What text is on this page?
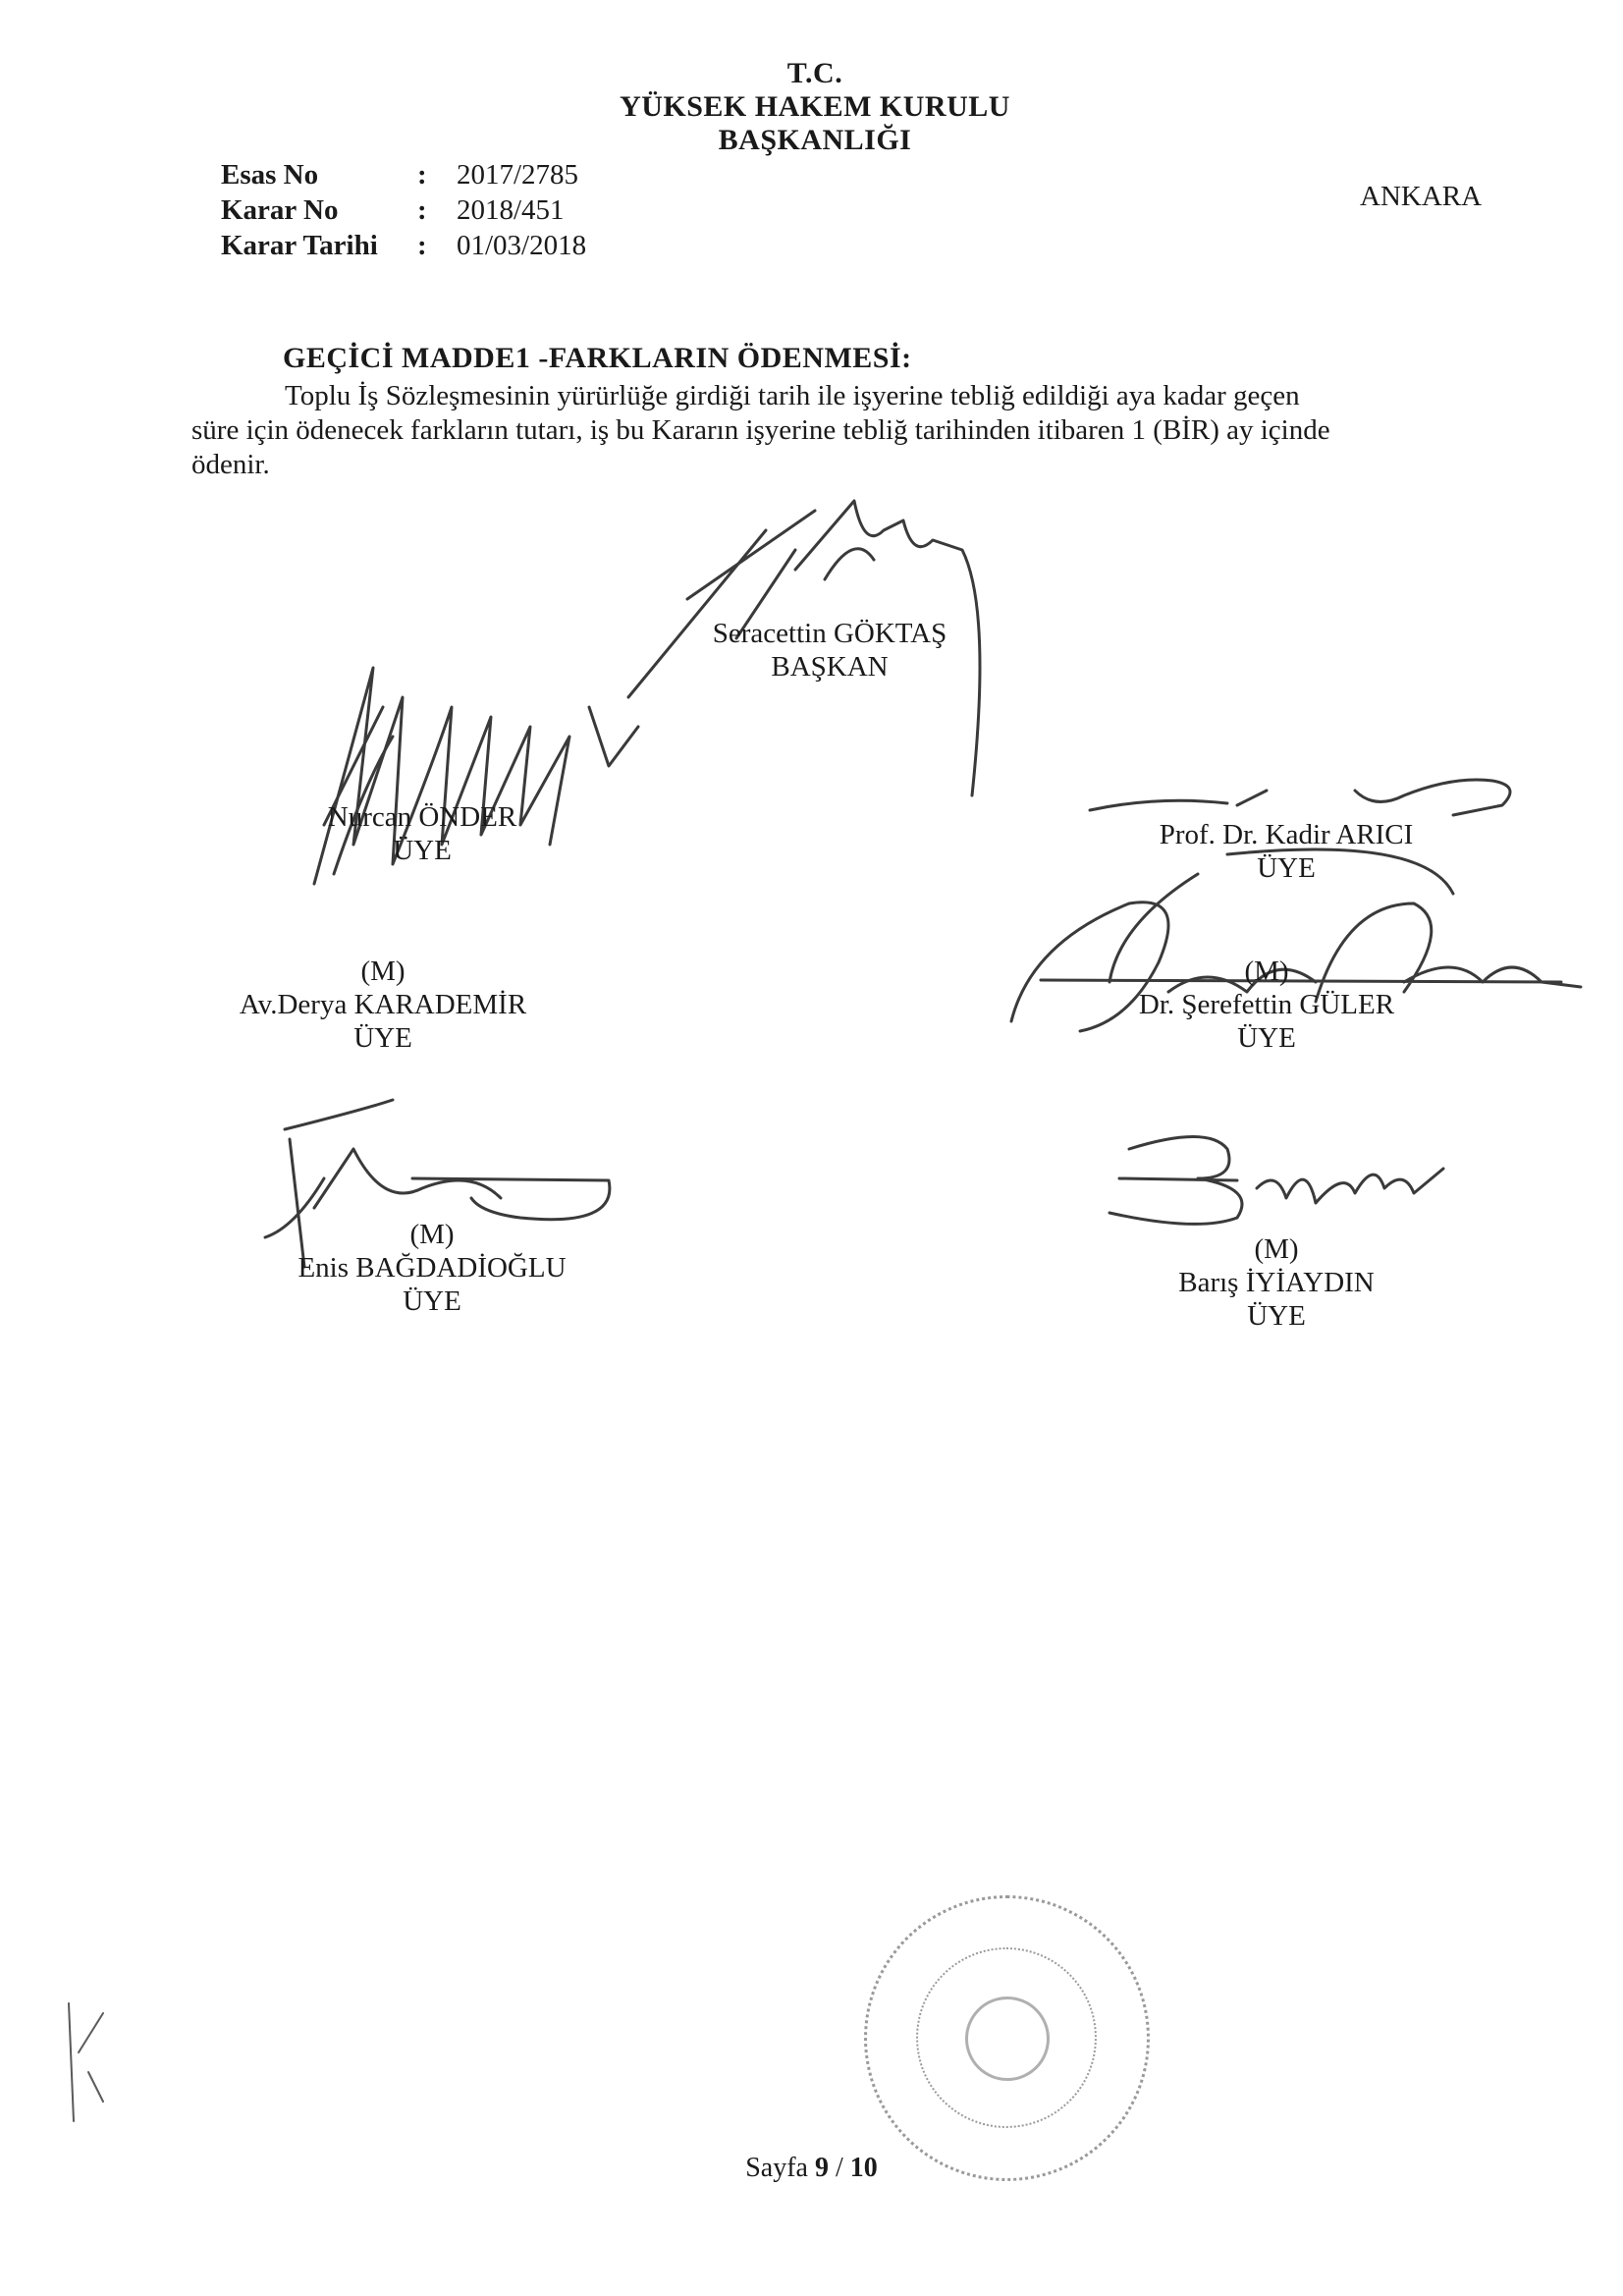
T.C.
YÜKSEK HAKEM KURULU
BAŞKANLIĞI
Esas No	: 2017/2785
Karar No	: 2018/451
Karar Tarihi : 01/03/2018
ANKARA
GEÇİCİ MADDE1 -FARKLARIN ÖDENMESİ:
Toplu İş Sözleşmesinin yürürlüğe girdiği tarih ile işyerine tebliğ edildiği aya kadar geçen
süre için ödenecek farkların tutarı, iş bu Kararın işyerine tebliğ tarihinden itibaren 1 (BİR) ay içinde
ödenir.
Seracettin GÖKTAŞ
BAŞKAN
Nurcan ÖNDER
ÜYE	Prof. Dr. Kadir ARICI
ÜYE
(M)
Av.Derya KARADEMİR
ÜYE
(M)
Dr. Şerefettin GÜLER
ÜYE
(M)
Enis BAĞDADİOĞLU
ÜYE
(M)
Barış İYİAYDIN
ÜYE
Sayfa 9 / 10
